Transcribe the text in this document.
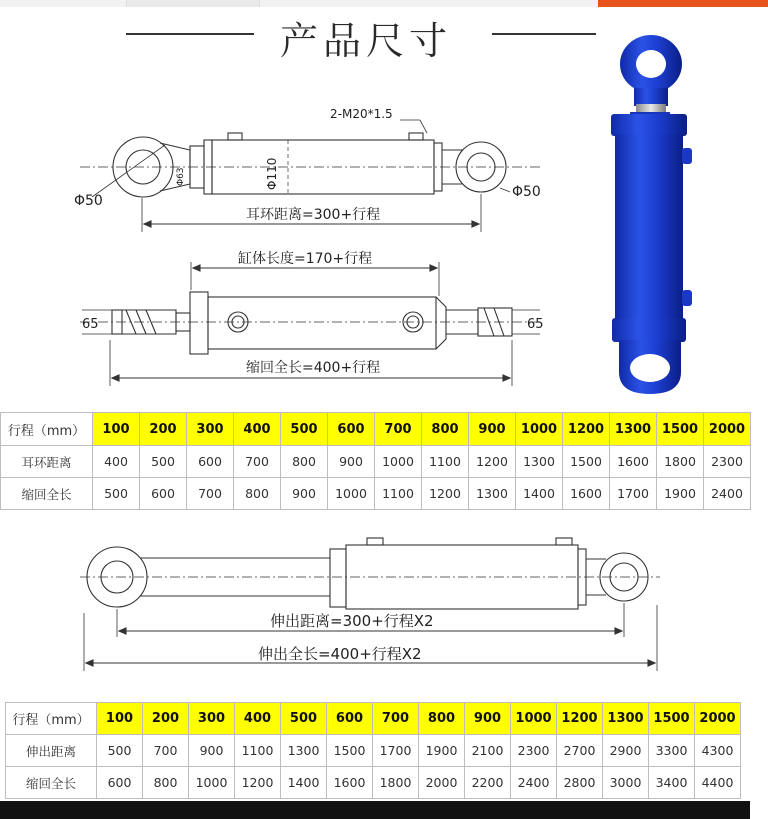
产品尺寸
2-M20*1.5
Φ50
Φ50
Φ63	Φ110
耳环距离=300+行程
缸体长度=170+行程
65	65
缩回全长=400+行程
行程（mm）	100	200	300	400	500	600	700	800	900	1000	1200	1300	1500	2000
耳环距离	400	500	600	700	800	900	1000	1100	1200	1300	1500	1600	1800	2300
缩回全长	500	600	700	800	900	1000	1100	1200	1300	1400	1600	1700	1900	2400
伸出距离=300+行程X2
伸出全长=400+行程X2
行程（mm）	100	200	300	400	500	600	700	800	900	1000	1200	1300	1500	2000
伸出距离	500	700	900	1100	1300	1500	1700	1900	2100	2300	2700	2900	3300	4300
缩回全长	600	800	1000	1200	1400	1600	1800	2000	2200	2400	2800	3000	3400	4400
